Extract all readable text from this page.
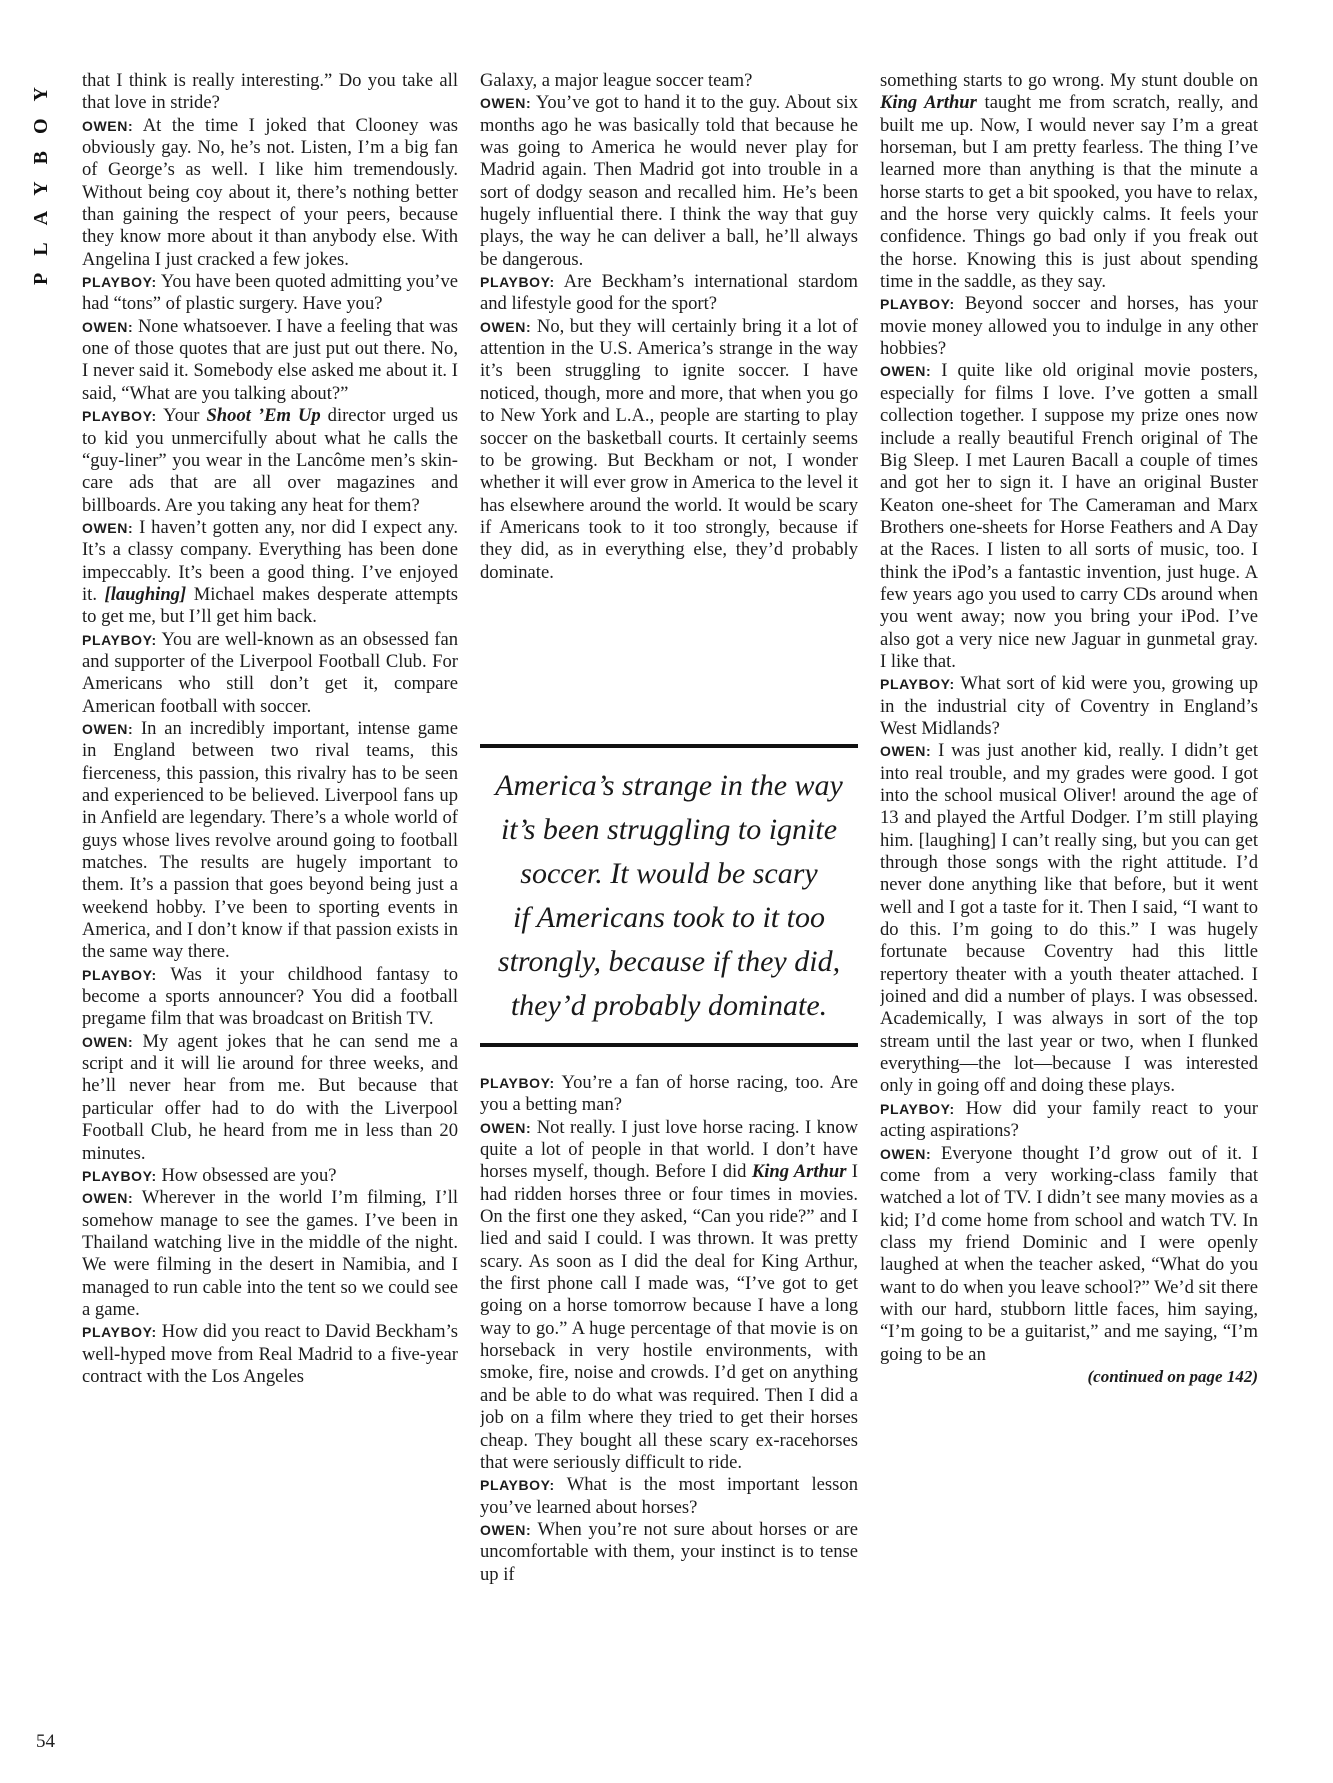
PLAYBOY that I think is really interesting.” Do you take all that love in stride?

OWEN: At the time I joked that Clooney was obviously gay. No, he’s not. Listen, I’m a big fan of George’s as well. I like him tremendously. Without being coy about it, there’s nothing better than gaining the respect of your peers, because they know more about it than anybody else. With Angelina I just cracked a few jokes.

PLAYBOY: You have been quoted admitting you’ve had “tons” of plastic surgery. Have you?

OWEN: None whatsoever. I have a feeling that was one of those quotes that are just put out there. No, I never said it. Somebody else asked me about it. I said, “What are you talking about?”

PLAYBOY: Your Shoot ’Em Up director urged us to kid you unmercifully about what he calls the “guy-liner” you wear in the Lancôme men’s skin-care ads that are all over magazines and billboards. Are you taking any heat for them?

OWEN: I haven’t gotten any, nor did I expect any. It’s a classy company. Everything has been done impeccably. It’s been a good thing. I’ve enjoyed it. [laughing] Michael makes desperate attempts to get me, but I’ll get him back.

PLAYBOY: You are well-known as an obsessed fan and supporter of the Liverpool Football Club. For Americans who still don’t get it, compare American football with soccer.

OWEN: In an incredibly important, intense game in England between two rival teams, this fierceness, this passion, this rivalry has to be seen and experienced to be believed. Liverpool fans up in Anfield are legendary. There’s a whole world of guys whose lives revolve around going to football matches. The results are hugely important to them. It’s a passion that goes beyond being just a weekend hobby. I’ve been to sporting events in America, and I don’t know if that passion exists in the same way there.

PLAYBOY: Was it your childhood fantasy to become a sports announcer? You did a football pregame film that was broadcast on British TV.

OWEN: My agent jokes that he can send me a script and it will lie around for three weeks, and he’ll never hear from me. But because that particular offer had to do with the Liverpool Football Club, he heard from me in less than 20 minutes.

PLAYBOY: How obsessed are you?

OWEN: Wherever in the world I’m filming, I’ll somehow manage to see the games. I’ve been in Thailand watching live in the middle of the night. We were filming in the desert in Namibia, and I managed to run cable into the tent so we could see a game.

PLAYBOY: How did you react to David Beckham’s well-hyped move from Real Madrid to a five-year contract with the Los Angeles

Galaxy, a major league soccer team?

OWEN: You’ve got to hand it to the guy. About six months ago he was basically told that because he was going to America he would never play for Madrid again. Then Madrid got into trouble in a sort of dodgy season and recalled him. He’s been hugely influential there. I think the way that guy plays, the way he can deliver a ball, he’ll always be dangerous.

PLAYBOY: Are Beckham’s international stardom and lifestyle good for the sport?

OWEN: No, but they will certainly bring it a lot of attention in the U.S. America’s strange in the way it’s been struggling to ignite soccer. I have noticed, though, more and more, that when you go to New York and L.A., people are starting to play soccer on the basketball courts. It certainly seems to be growing. But Beckham or not, I wonder whether it will ever grow in America to the level it has elsewhere around the world. It would be scary if Americans took to it too strongly, because if they did, as in everything else, they’d probably dominate.

America’s strange in the way
it’s been struggling to ignite
soccer. It would be scary
if Americans took to it too
strongly, because if they did,
they’d probably dominate.

PLAYBOY: You’re a fan of horse racing, too. Are you a betting man?

OWEN: Not really. I just love horse racing. I know quite a lot of people in that world. I don’t have horses myself, though. Before I did King Arthur I had ridden horses three or four times in movies. On the first one they asked, “Can you ride?” and I lied and said I could. I was thrown. It was pretty scary. As soon as I did the deal for King Arthur, the first phone call I made was, “I’ve got to get going on a horse tomorrow because I have a long way to go.” A huge percentage of that movie is on horseback in very hostile environments, with smoke, fire, noise and crowds. I’d get on anything and be able to do what was required. Then I did a job on a film where they tried to get their horses cheap. They bought all these scary ex-racehorses that were seriously difficult to ride.

PLAYBOY: What is the most important lesson you’ve learned about horses?

OWEN: When you’re not sure about horses or are uncomfortable with them, your instinct is to tense up if

something starts to go wrong. My stunt double on King Arthur taught me from scratch, really, and built me up. Now, I would never say I’m a great horseman, but I am pretty fearless. The thing I’ve learned more than anything is that the minute a horse starts to get a bit spooked, you have to relax, and the horse very quickly calms. It feels your confidence. Things go bad only if you freak out the horse. Knowing this is just about spending time in the saddle, as they say.

PLAYBOY: Beyond soccer and horses, has your movie money allowed you to indulge in any other hobbies?

OWEN: I quite like old original movie posters, especially for films I love. I’ve gotten a small collection together. I suppose my prize ones now include a really beautiful French original of The Big Sleep. I met Lauren Bacall a couple of times and got her to sign it. I have an original Buster Keaton one-sheet for The Cameraman and Marx Brothers one-sheets for Horse Feathers and A Day at the Races. I listen to all sorts of music, too. I think the iPod’s a fantastic invention, just huge. A few years ago you used to carry CDs around when you went away; now you bring your iPod. I’ve also got a very nice new Jaguar in gunmetal gray. I like that.

PLAYBOY: What sort of kid were you, growing up in the industrial city of Coventry in England’s West Midlands?

OWEN: I was just another kid, really. I didn’t get into real trouble, and my grades were good. I got into the school musical Oliver! around the age of 13 and played the Artful Dodger. I’m still playing him. [laughing] I can’t really sing, but you can get through those songs with the right attitude. I’d never done anything like that before, but it went well and I got a taste for it. Then I said, “I want to do this. I’m going to do this.” I was hugely fortunate because Coventry had this little repertory theater with a youth theater attached. I joined and did a number of plays. I was obsessed. Academically, I was always in sort of the top stream until the last year or two, when I flunked everything—the lot—because I was interested only in going off and doing these plays.

PLAYBOY: How did your family react to your acting aspirations?

OWEN: Everyone thought I’d grow out of it. I come from a very working-class family that watched a lot of TV. I didn’t see many movies as a kid; I’d come home from school and watch TV. In class my friend Dominic and I were openly laughed at when the teacher asked, “What do you want to do when you leave school?” We’d sit there with our hard, stubborn little faces, him saying, “I’m going to be a guitarist,” and me saying, “I’m going to be an

(continued on page 142)

54
